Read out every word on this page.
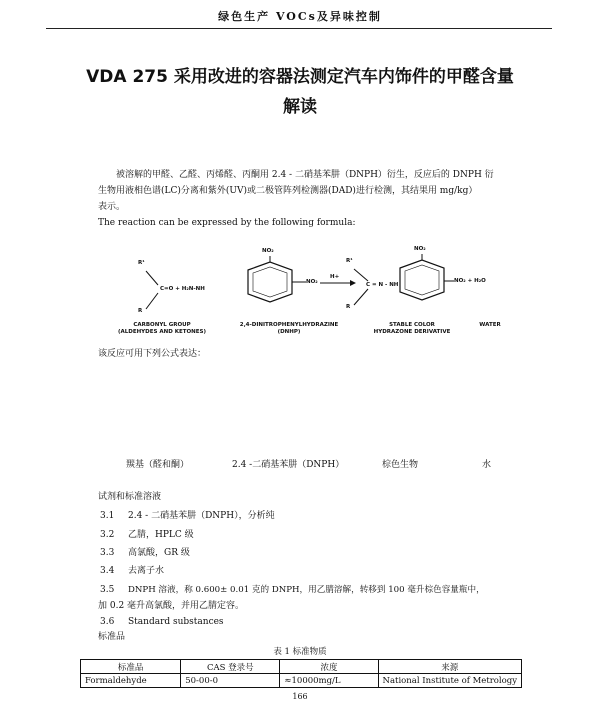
绿色生产 VOCs及异味控制
VDA 275 采用改进的容器法测定汽车内饰件的甲醛含量
解读
被溶解的甲醛、乙醛、丙烯醛、丙酮用 2.4 - 二硝基苯肼（DNPH）衍生，反应后的 DNPH 衍
生物用液相色谱(LC)分离和紫外(UV)或二极管阵列检测器(DAD)进行检测，其结果用 mg/kg）
表示。
The reaction can be expressed by the following formula:
R¹
R
C=O + H₂N-NH
NO₂
NO₂
H+
R¹
R
C = N - NH
NO₂
NO₂ + H₂O
CARBONYL GROUP
(ALDEHYDES AND KETONES)
2,4-DINITROPHENYLHYDRAZINE
(DNHP)
STABLE COLOR
HYDRAZONE DERIVATIVE
WATER
该反应可用下列公式表达：
羰基（醛和酮）	2.4 -二硝基苯肼（DNPH）	棕色生物	水
试剂和标准溶液
3.1 2.4 - 二硝基苯肼（DNPH），分析纯
3.2 乙腈，HPLC 级
3.3 高氯酸，GR 级
3.4 去离子水
3.5 DNPH 溶液，称 0.600± 0.01 克的 DNPH，用乙腈溶解，转移到 100 毫升棕色容量瓶中，
加 0.2 毫升高氯酸，并用乙腈定容。
3.6 Standard substances
标准品
表 1 标准物质
标准品	CAS 登录号	浓度	来源
Formaldehyde	50-00-0	≈10000mg/L	National Institute of Metrology
166
